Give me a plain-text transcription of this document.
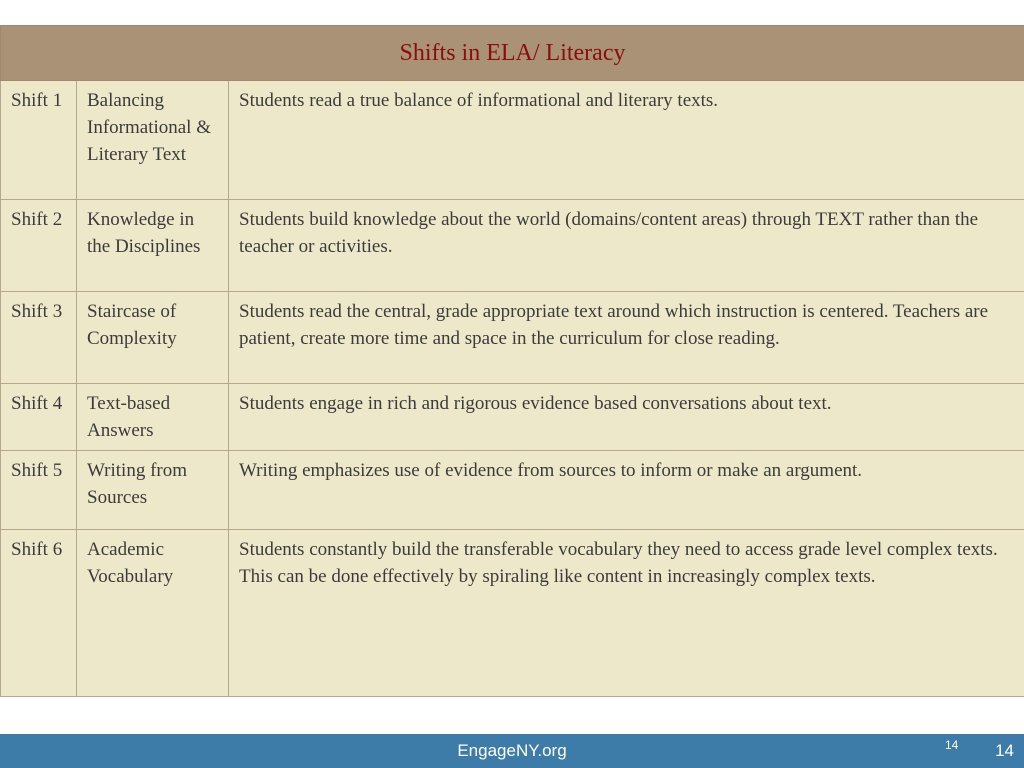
Shifts in ELA/ Literacy		
Shift 1	Balancing Informational & Literary Text	Students read a true balance of informational and literary texts.
Shift 2	Knowledge in the Disciplines	Students build knowledge about the world (domains/content areas) through TEXT rather than the teacher or activities.
Shift 3	Staircase of Complexity	Students read the central, grade appropriate text around which instruction is centered. Teachers are patient, create more time and space in the curriculum for close reading.
Shift 4	Text-based Answers	Students engage in rich and rigorous evidence based conversations about text.
Shift 5	Writing from Sources	Writing emphasizes use of evidence from sources to inform or make an argument.
Shift 6	Academic Vocabulary	Students constantly build the transferable vocabulary they need to access grade level complex texts. This can be done effectively by spiraling like content in increasingly complex texts.
EngageNY.org	14 14
